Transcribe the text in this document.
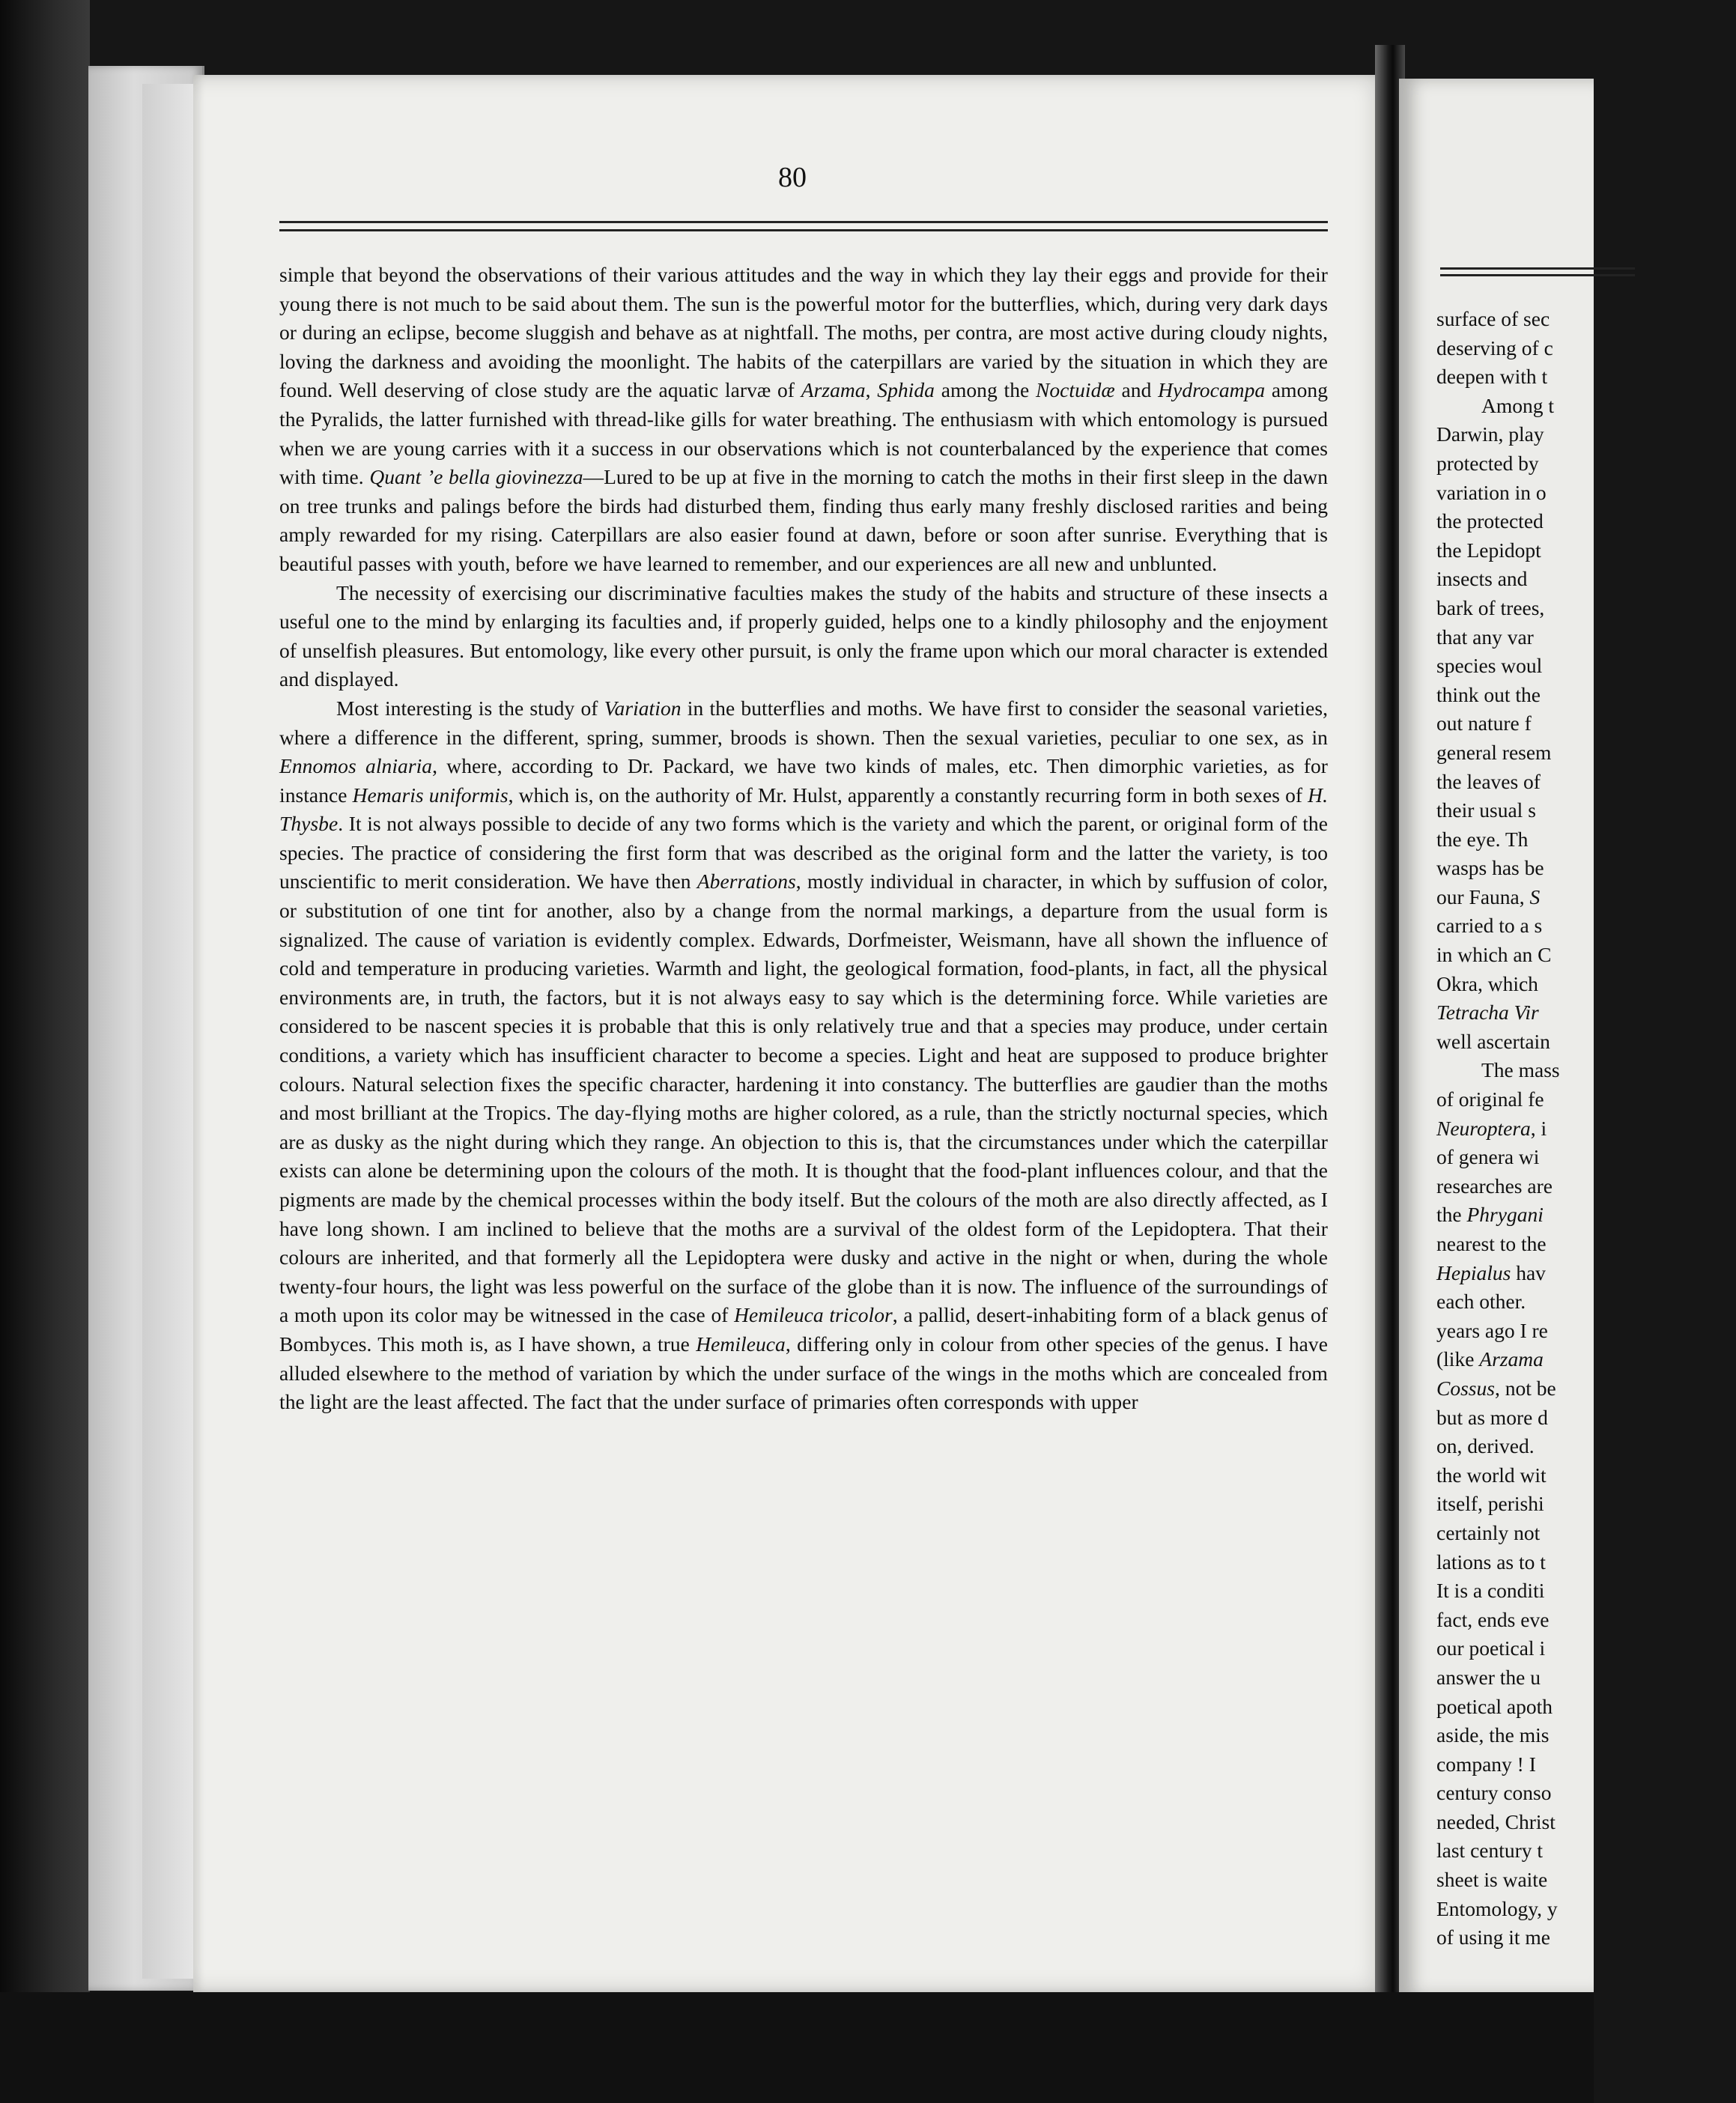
80

simple that beyond the observations of their various attitudes and the way in which they lay their eggs and provide for their young there is not much to be said about them. The sun is the powerful motor for the butterflies, which, during very dark days or during an eclipse, become sluggish and behave as at nightfall. The moths, per contra, are most active during cloudy nights, loving the darkness and avoiding the moonlight. The habits of the caterpillars are varied by the situation in which they are found. Well deserving of close study are the aquatic larvæ of Arzama, Sphida among the Noctuidæ and Hydrocampa among the Pyralids, the latter furnished with thread-like gills for water breathing. The enthusiasm with which entomology is pursued when we are young carries with it a success in our observations which is not counterbalanced by the experience that comes with time. Quant ’e bella giovinezza—Lured to be up at five in the morning to catch the moths in their first sleep in the dawn on tree trunks and palings before the birds had disturbed them, finding thus early many freshly disclosed rarities and being amply rewarded for my rising. Caterpillars are also easier found at dawn, before or soon after sunrise. Everything that is beautiful passes with youth, before we have learned to remember, and our experiences are all new and unblunted.

The necessity of exercising our discriminative faculties makes the study of the habits and structure of these insects a useful one to the mind by enlarging its faculties and, if properly guided, helps one to a kindly philosophy and the enjoyment of unselfish pleasures. But entomology, like every other pursuit, is only the frame upon which our moral character is extended and displayed.

Most interesting is the study of Variation in the butterflies and moths. We have first to consider the seasonal varieties, where a difference in the different, spring, summer, broods is shown. Then the sexual varieties, peculiar to one sex, as in Ennomos alniaria, where, according to Dr. Packard, we have two kinds of males, etc. Then dimorphic varieties, as for instance Hemaris uniformis, which is, on the authority of Mr. Hulst, apparently a constantly recurring form in both sexes of H. Thysbe. It is not always possible to decide of any two forms which is the variety and which the parent, or original form of the species. The practice of considering the first form that was described as the original form and the latter the variety, is too unscientific to merit consideration. We have then Aberrations, mostly individual in character, in which by suffusion of color, or substitution of one tint for another, also by a change from the normal markings, a departure from the usual form is signalized. The cause of variation is evidently complex. Edwards, Dorfmeister, Weismann, have all shown the influence of cold and temperature in producing varieties. Warmth and light, the geological formation, food-plants, in fact, all the physical environments are, in truth, the factors, but it is not always easy to say which is the determining force. While varieties are considered to be nascent species it is probable that this is only relatively true and that a species may produce, under certain conditions, a variety which has insufficient character to become a species. Light and heat are supposed to produce brighter colours. Natural selection fixes the specific character, hardening it into constancy. The butterflies are gaudier than the moths and most brilliant at the Tropics. The day-flying moths are higher colored, as a rule, than the strictly nocturnal species, which are as dusky as the night during which they range. An objection to this is, that the circumstances under which the caterpillar exists can alone be determining upon the colours of the moth. It is thought that the food-plant influences colour, and that the pigments are made by the chemical processes within the body itself. But the colours of the moth are also directly affected, as I have long shown. I am inclined to believe that the moths are a survival of the oldest form of the Lepidoptera. That their colours are inherited, and that formerly all the Lepidoptera were dusky and active in the night or when, during the whole twenty-four hours, the light was less powerful on the surface of the globe than it is now. The influence of the surroundings of a moth upon its color may be witnessed in the case of Hemileuca tricolor, a pallid, desert-inhabiting form of a black genus of Bombyces. This moth is, as I have shown, a true Hemileuca, differing only in colour from other species of the genus. I have alluded elsewhere to the method of variation by which the under surface of the wings in the moths which are concealed from the light are the least affected. The fact that the under surface of primaries often corresponds with upper

surface of sec
deserving of c
deepen with t
Among t
Darwin, play
protected by
variation in o
the protected
the Lepidopt
insects and
bark of trees,
that any var
species woul
think out the
out nature f
general resem
the leaves of
their usual s
the eye. Th
wasps has be
our Fauna, S
carried to a s
in which an C
Okra, which
Tetracha Vir
well ascertain
The mass
of original fe
Neuroptera, i
of genera wi
researches are
the Phrygani
nearest to the
Hepialus hav
each other.
years ago I re
(like Arzama
Cossus, not be
but as more d
on, derived.
the world wit
itself, perishi
certainly not
lations as to t
It is a conditi
fact, ends eve
our poetical i
answer the u
poetical apoth
aside, the mis
company ! I
century conso
needed, Christ
last century t
sheet is waite
Entomology, y
of using it me
